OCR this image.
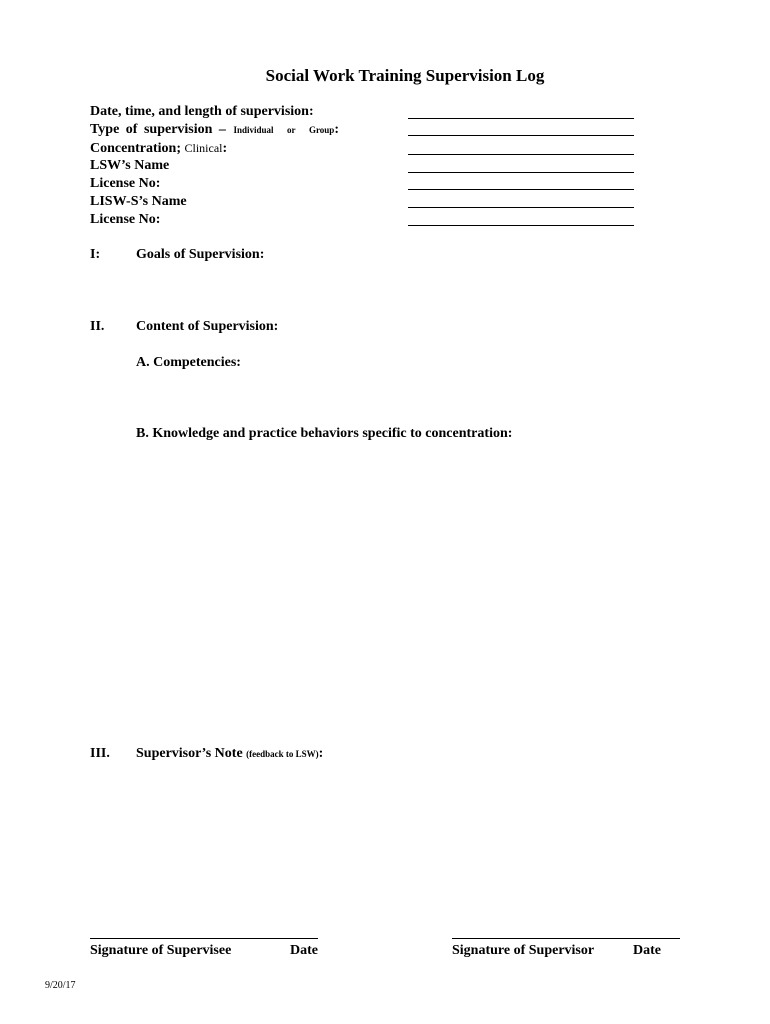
Social Work Training Supervision Log
Date, time, and length of supervision:
Type of supervision – Individual or Group:
Concentration; Clinical:
LSW’s Name
License No:
LISW-S’s Name
License No:
I:	Goals of Supervision:
II. Content of Supervision:
A. Competencies:
B. Knowledge and practice behaviors specific to concentration:
III. Supervisor’s Note (feedback to LSW):
Signature of Supervisee	Date	Signature of Supervisor	Date
9/20/17
